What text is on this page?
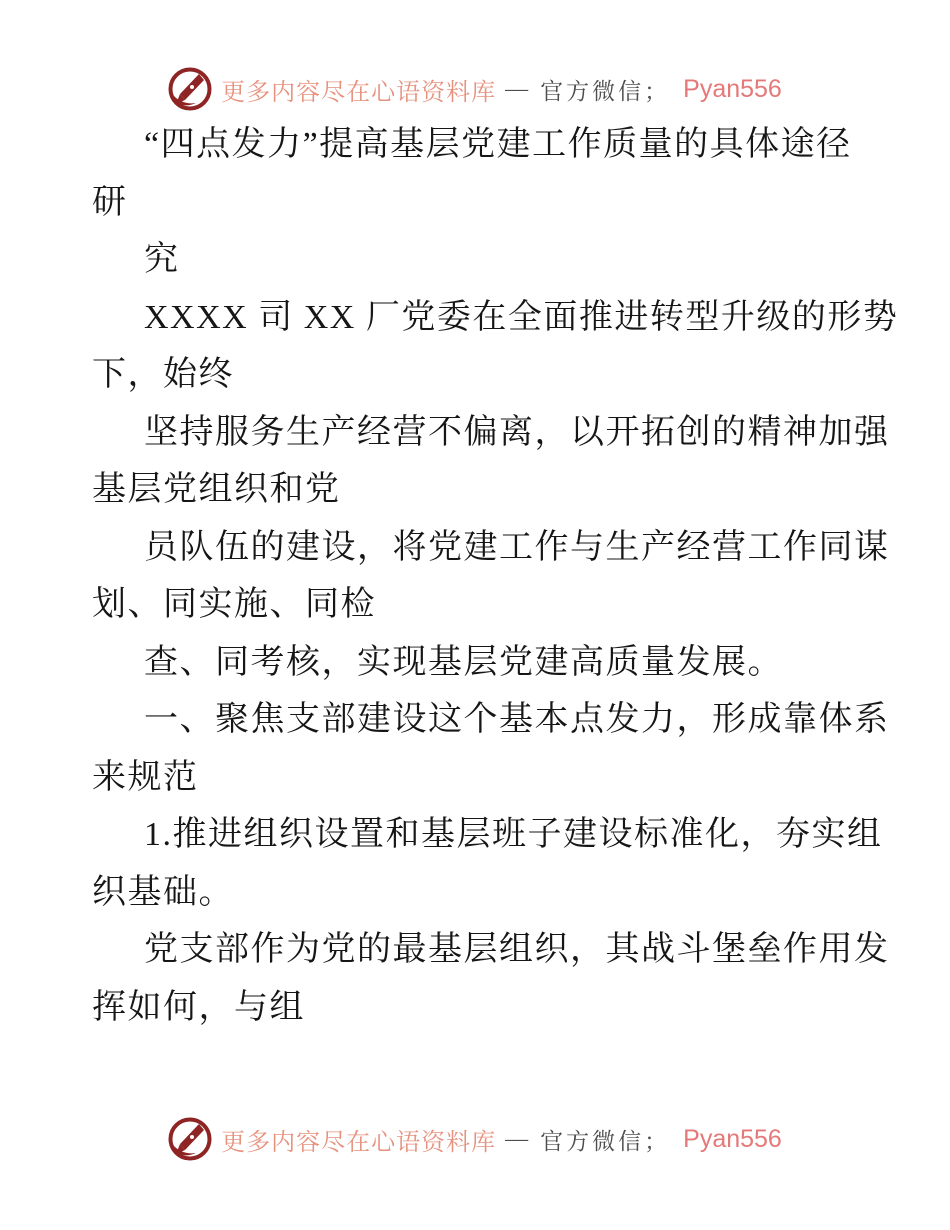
更多内容尽在心语资料库 — 官方微信； Pyan556
“四点发力”提高基层党建工作质量的具体途径
研
究
XXXX 司 XX 厂党委在全面推进转型升级的形势
下，始终
坚持服务生产经营不偏离，以开拓创的精神加强
基层党组织和党
员队伍的建设，将党建工作与生产经营工作同谋
划、同实施、同检
查、同考核，实现基层党建高质量发展。
一、聚焦支部建设这个基本点发力，形成靠体系
来规范
1.推进组织设置和基层班子建设标准化，夯实组
织基础。
党支部作为党的最基层组织，其战斗堡垒作用发
挥如何，与组
更多内容尽在心语资料库 — 官方微信； Pyan556
